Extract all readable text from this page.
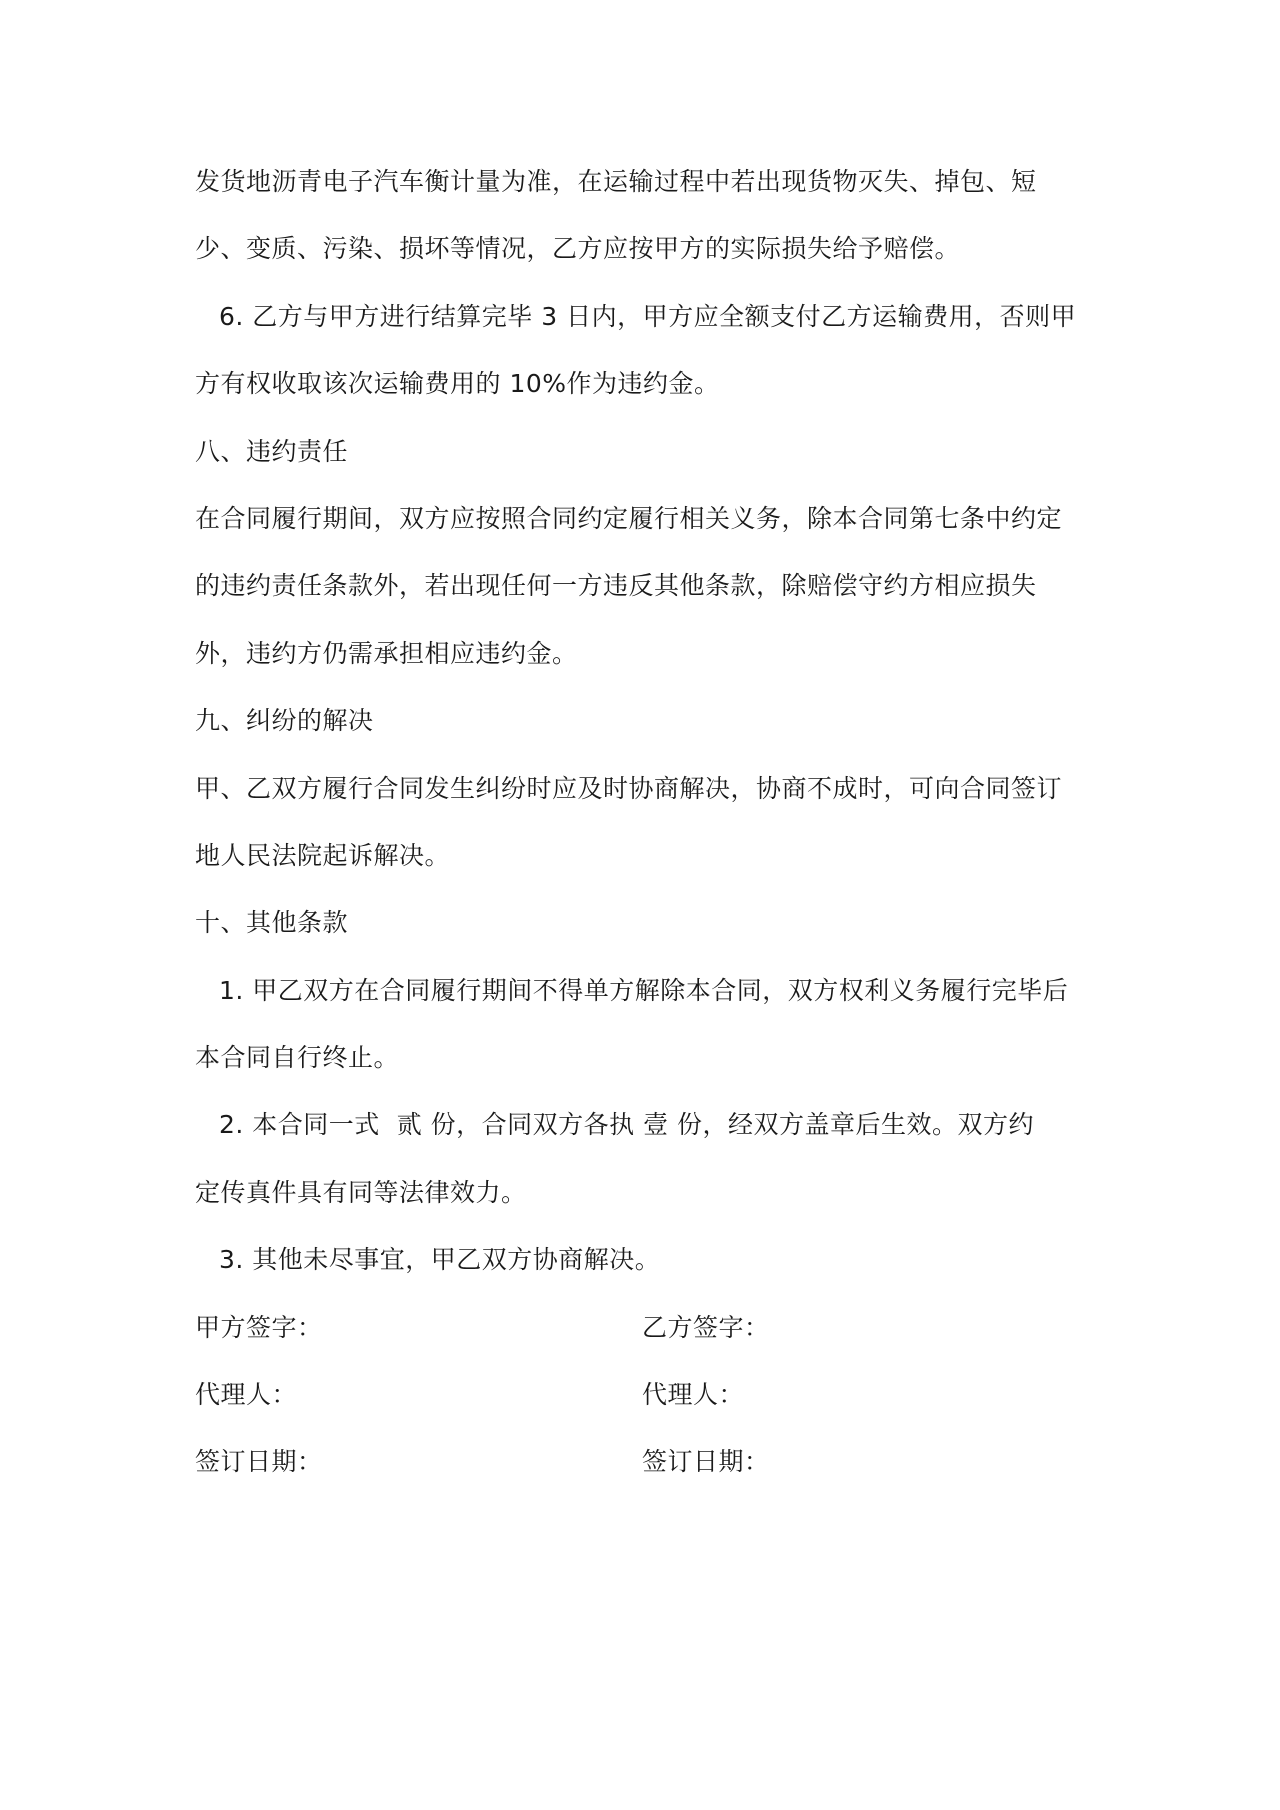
发货地沥青电子汽车衡计量为准，在运输过程中若出现货物灭失、掉包、短
少、变质、污染、损坏等情况，乙方应按甲方的实际损失给予赔偿。
6. 乙方与甲方进行结算完毕 3 日内，甲方应全额支付乙方运输费用，否则甲
方有权收取该次运输费用的 10%作为违约金。
八、违约责任
在合同履行期间，双方应按照合同约定履行相关义务，除本合同第七条中约定
的违约责任条款外，若出现任何一方违反其他条款，除赔偿守约方相应损失
外，违约方仍需承担相应违约金。
九、纠纷的解决
甲、乙双方履行合同发生纠纷时应及时协商解决，协商不成时，可向合同签订
地人民法院起诉解决。
十、其他条款
1. 甲乙双方在合同履行期间不得单方解除本合同，双方权利义务履行完毕后
本合同自行终止。
2. 本合同一式  贰 份，合同双方各执 壹 份，经双方盖章后生效。双方约
定传真件具有同等法律效力。
3. 其他未尽事宜，甲乙双方协商解决。
甲方签字：	乙方签字：
代理人：	代理人：
签订日期：	签订日期：
